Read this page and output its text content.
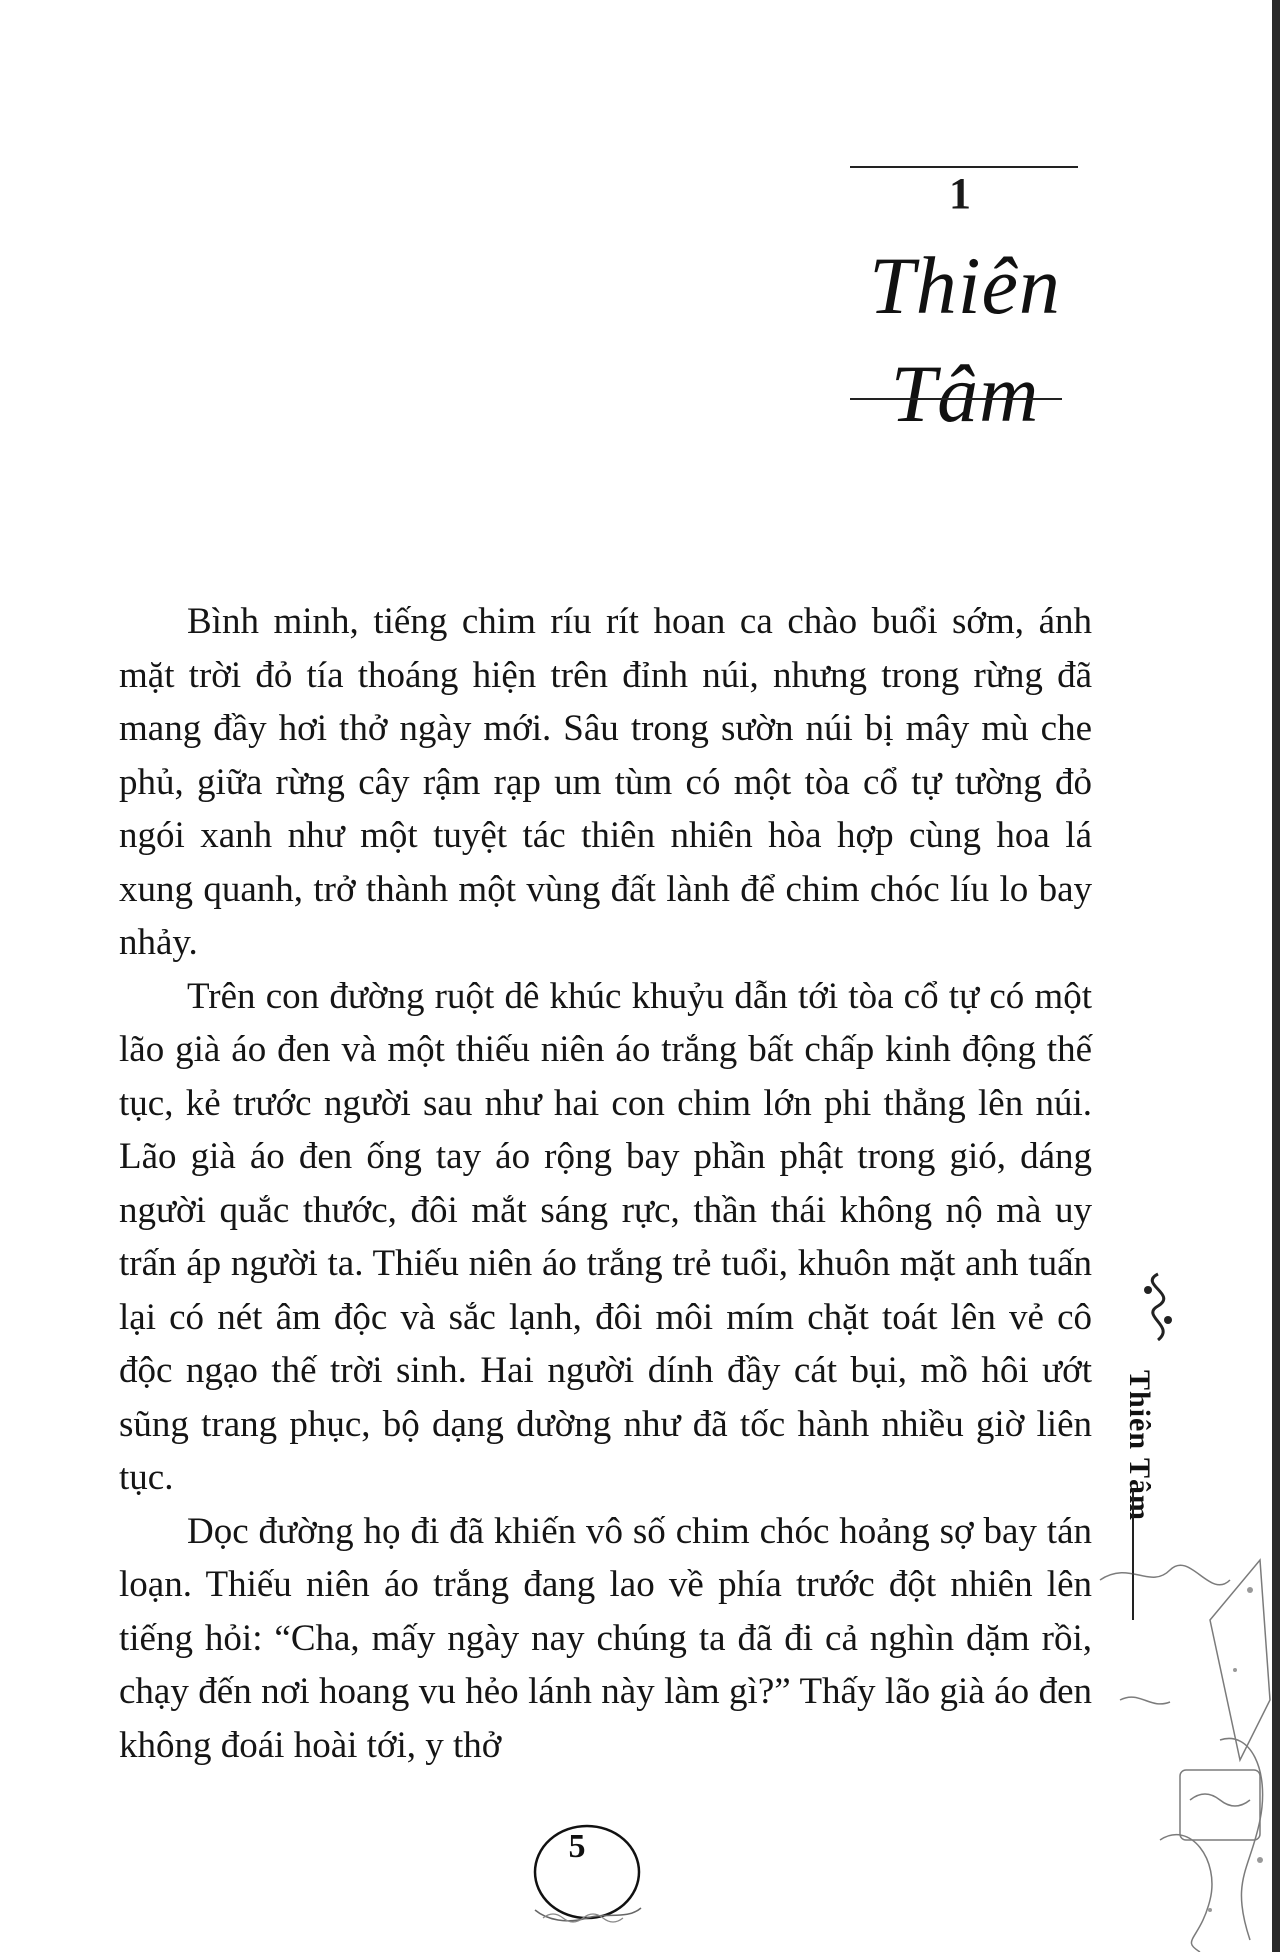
1
Thiên
Tâm

Bình minh, tiếng chim ríu rít hoan ca chào buổi sớm, ánh mặt trời đỏ tía thoáng hiện trên đỉnh núi, nhưng trong rừng đã mang đầy hơi thở ngày mới. Sâu trong sườn núi bị mây mù che phủ, giữa rừng cây rậm rạp um tùm có một tòa cổ tự tường đỏ ngói xanh như một tuyệt tác thiên nhiên hòa hợp cùng hoa lá xung quanh, trở thành một vùng đất lành để chim chóc líu lo bay nhảy.

Trên con đường ruột dê khúc khuỷu dẫn tới tòa cổ tự có một lão già áo đen và một thiếu niên áo trắng bất chấp kinh động thế tục, kẻ trước người sau như hai con chim lớn phi thẳng lên núi. Lão già áo đen ống tay áo rộng bay phần phật trong gió, dáng người quắc thước, đôi mắt sáng rực, thần thái không nộ mà uy trấn áp người ta. Thiếu niên áo trắng trẻ tuổi, khuôn mặt anh tuấn lại có nét âm độc và sắc lạnh, đôi môi mím chặt toát lên vẻ cô độc ngạo thế trời sinh. Hai người dính đầy cát bụi, mồ hôi ướt sũng trang phục, bộ dạng dường như đã tốc hành nhiều giờ liên tục.

Dọc đường họ đi đã khiến vô số chim chóc hoảng sợ bay tán loạn. Thiếu niên áo trắng đang lao về phía trước đột nhiên lên tiếng hỏi: “Cha, mấy ngày nay chúng ta đã đi cả nghìn dặm rồi, chạy đến nơi hoang vu hẻo lánh này làm gì?” Thấy lão già áo đen không đoái hoài tới, y thở

Thiên Tâm
5
